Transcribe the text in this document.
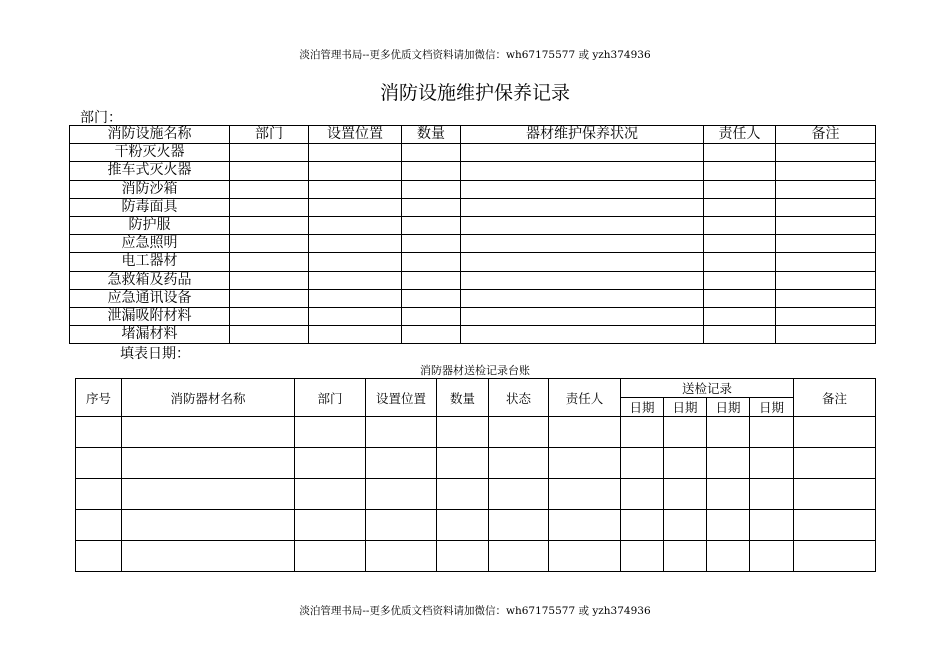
淡泊管理书局--更多优质文档资料请加微信：wh67175577 或 yzh374936
消防设施维护保养记录
部门：
消防设施名称	部门	设置位置	数量	器材维护保养状况	责任人	备注
干粉灭火器						
推车式灭火器						
消防沙箱						
防毒面具						
防护服						
应急照明						
电工器材						
急救箱及药品						
应急通讯设备						
泄漏吸附材料						
堵漏材料						
填表日期：
消防器材送检记录台账
序号	消防器材名称	部门	设置位置	数量	状态	责任人	送检记录				备注
							日期	日期	日期	日期	

淡泊管理书局--更多优质文档资料请加微信：wh67175577 或 yzh374936
